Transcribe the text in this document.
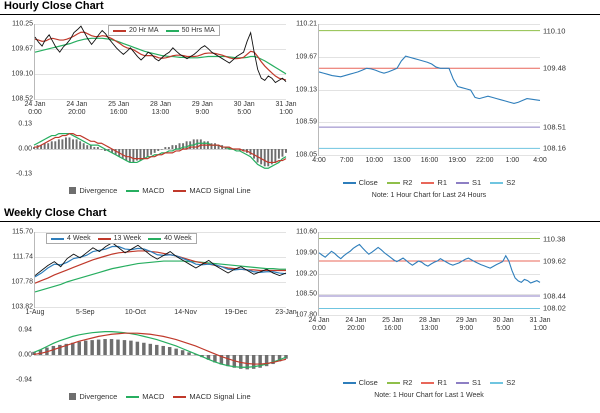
Hourly Close Chart
108.52
109.10
109.67
110.25
24 Jan
0:00
24 Jan
20:00
25 Jan
16:00
28 Jan
13:00
29 Jan
9:00
30 Jan
5:00
31 Jan
1:00
-0.13
0.00
0.13
Divergence	MACD	MACD Signal Line
108.05
108.59
109.13
109.67
110.21
4:00 7:00 10:00 13:00 16:00 19:00 22:00 1:00 4:00
110.10
109.48
108.51
108.16
Close	R2	R1	S1	S2
Note: 1 Hour Chart for Last 24 Hours
Weekly Close Chart
103.82
107.78
111.74
115.70
1-Aug	5-Sep	10-Oct	14-Nov	19-Dec	23-Jan
-0.94
0.00
0.94
Divergence	MACD	MACD Signal Line
107.80
108.50
109.20
109.90
110.60
24 Jan
0:00
24 Jan
20:00
25 Jan
16:00
28 Jan
13:00
29 Jan
9:00
30 Jan
5:00
31 Jan
1:00
110.38
109.62
108.44
108.02
Close	R2	R1	S1	S2
Note: 1 Hour Chart for Last 1 Week
20 Hr MA	50 Hrs MA
4 Week	13 Week	40 Week
